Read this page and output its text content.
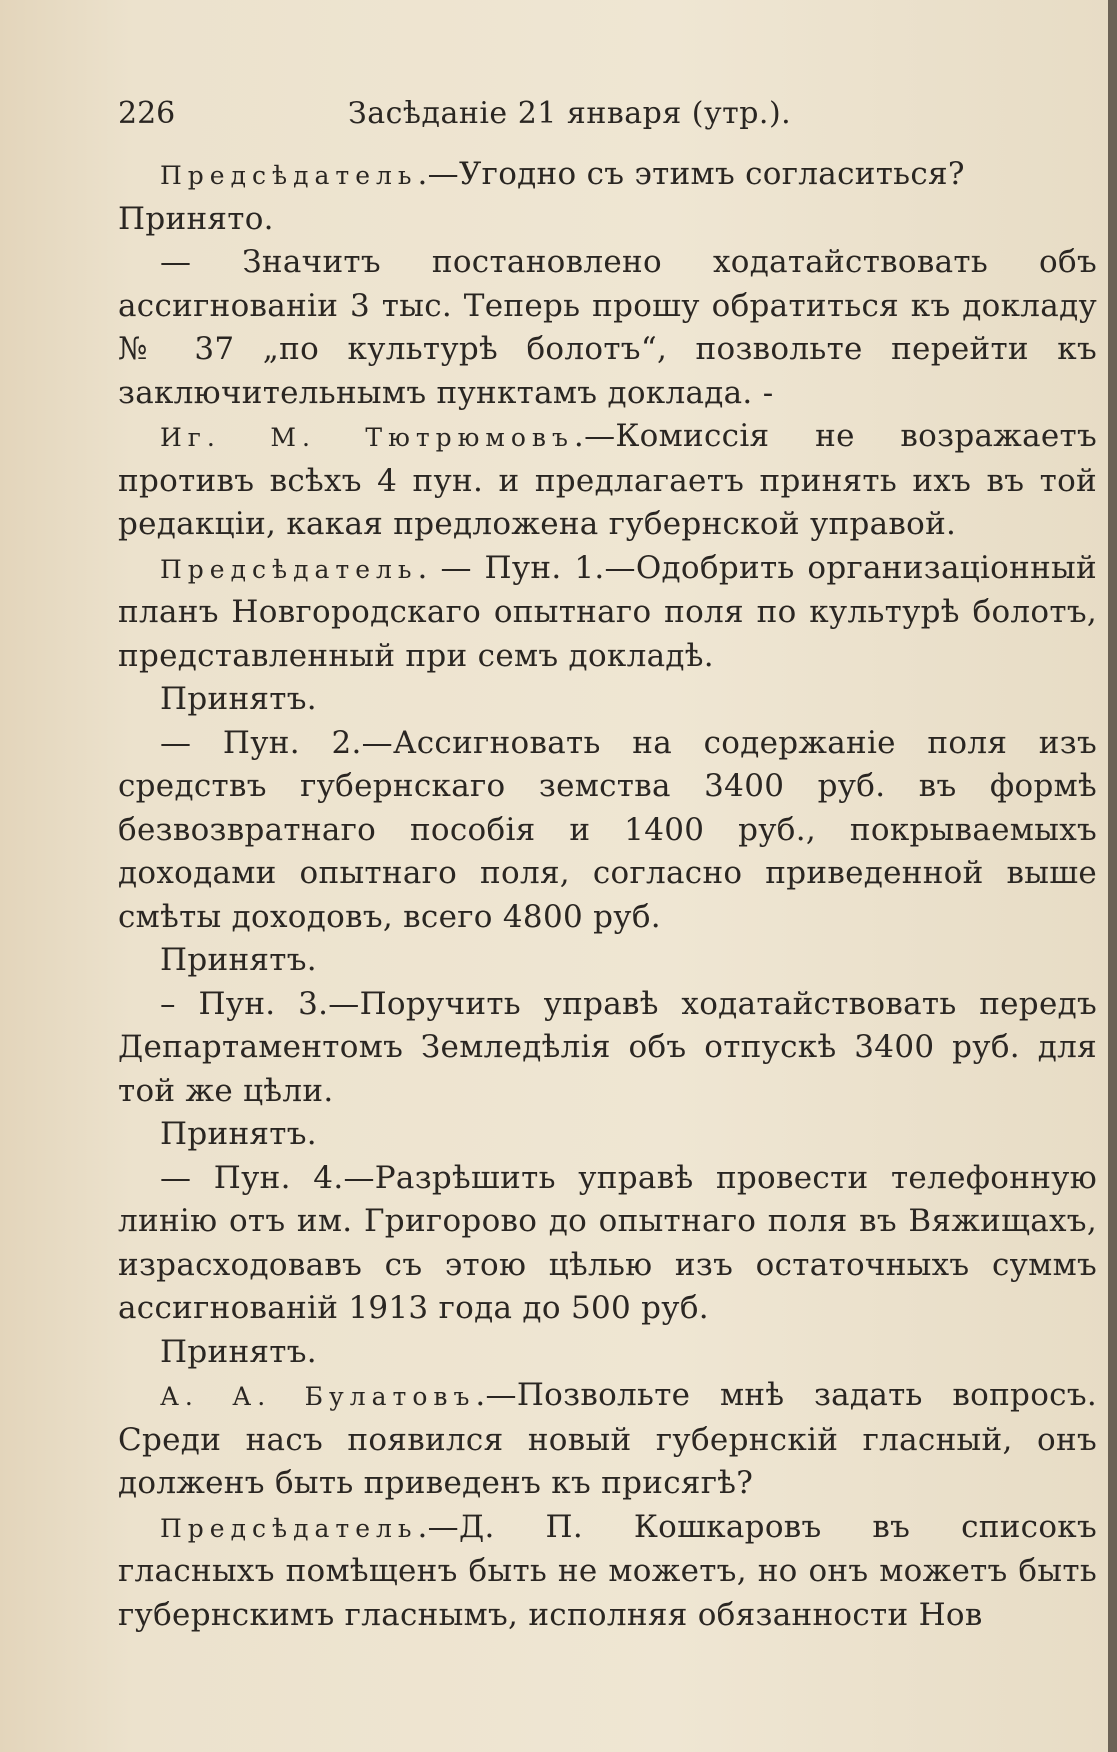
226	Засѣданіе 21 января (утр.).

Предсѣдатель.—Угодно съ этимъ согласиться?

Принято.

— Значитъ постановлено ходатайствовать объ ассигнованіи 3 тыс. Теперь прошу обратиться къ докладу № 37 „по культурѣ болотъ“, позвольте перейти къ заключительнымъ пунктамъ доклада. -

Иг. М. Тютрюмовъ.—Комиссія не возражаетъ противъ всѣхъ 4 пун. и предлагаетъ принять ихъ въ той редакціи, какая предложена губернской управой.

Предсѣдатель. — Пун. 1.—Одобрить организаціонный планъ Новгородскаго опытнаго поля по культурѣ болотъ, представленный при семъ докладѣ.

Принятъ.

— Пун. 2.—Ассигновать на содержаніе поля изъ средствъ губернскаго земства 3400 руб. въ формѣ безвозвратнаго пособія и 1400 руб., покрываемыхъ доходами опытнаго поля, согласно приведенной выше смѣты доходовъ, всего 4800 руб.

Принятъ.

– Пун. 3.—Поручить управѣ ходатайствовать передъ Департаментомъ Земледѣлія объ отпускѣ 3400 руб. для той же цѣли.

Принятъ.

— Пун. 4.—Разрѣшить управѣ провести телефонную линію отъ им. Григорово до опытнаго поля въ Вяжищахъ, израсходовавъ съ этою цѣлью изъ остаточныхъ суммъ ассигнованій 1913 года до 500 руб.

Принятъ.

А. А. Булатовъ.—Позвольте мнѣ задать вопросъ. Среди насъ появился новый губернскій гласный, онъ долженъ быть приведенъ къ присягѣ?

Предсѣдатель.—Д. П. Кошкаровъ въ списокъ гласныхъ помѣщенъ быть не можетъ, но онъ можетъ быть губернскимъ гласнымъ, исполняя обязанности Нов
